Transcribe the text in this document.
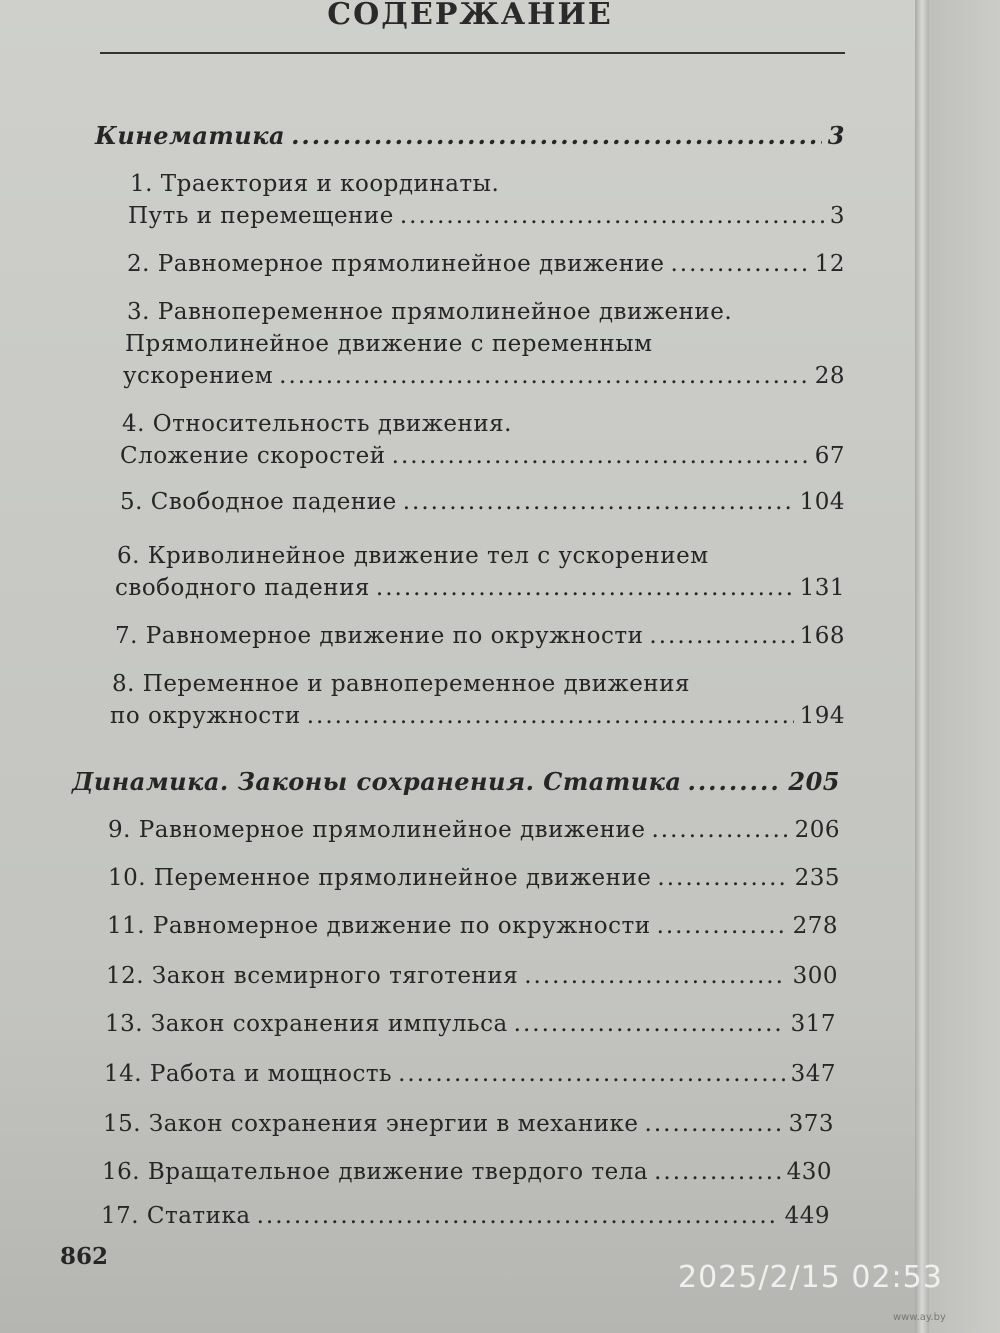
СОДЕРЖАНИЕ
Кинематика .....	3
1. Траектория и координаты.
Путь и перемещение .....	3
2. Равномерное прямолинейное движение .....	12
3. Равнопеременное прямолинейное движение.
Прямолинейное движение с переменным
ускорением .....	28
4. Относительность движения.
Сложение скоростей .....	67
5. Свободное падение .....	104
6. Криволинейное движение тел с ускорением
свободного падения .....	131
7. Равномерное движение по окружности .....	168
8. Переменное и равнопеременное движения
по окружности .....	194
Динамика. Законы сохранения. Статика .....	205
9. Равномерное прямолинейное движение .....	206
10. Переменное прямолинейное движение .....	235
11. Равномерное движение по окружности .....	278
12. Закон всемирного тяготения .....	300
13. Закон сохранения импульса .....	317
14. Работа и мощность .....	347
15. Закон сохранения энергии в механике .....	373
16. Вращательное движение твердого тела .....	430
17. Статика .....	449
862
2025/2/15 02:53
www.ay.by
